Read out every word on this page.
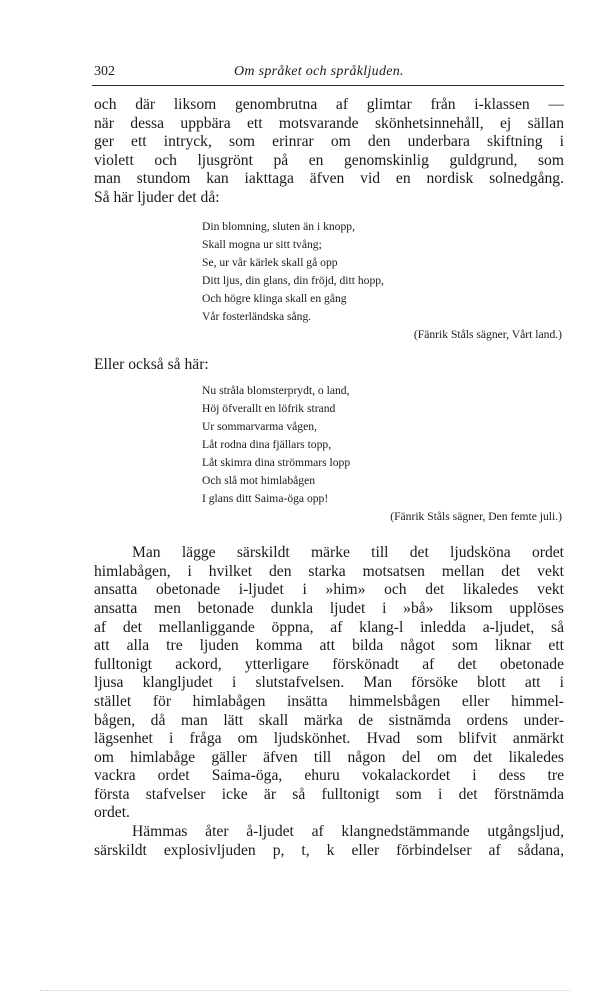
302	Om språket och språkljuden.
och där liksom genombrutna af glimtar från i-klassen —
när dessa uppbära ett motsvarande skönhetsinnehåll, ej sällan
ger ett intryck, som erinrar om den underbara skiftning i
violett och ljusgrönt på en genomskinlig guldgrund, som
man stundom kan iakttaga äfven vid en nordisk solnedgång.
Så här ljuder det då:
Din blomning, sluten än i knopp,
Skall mogna ur sitt tvång;
Se, ur vår kärlek skall gå opp
Ditt ljus, din glans, din fröjd, ditt hopp,
Och högre klinga skall en gång
Vår fosterländska sång.
(Fänrik Ståls sägner, Vårt land.)
Eller också så här:
Nu stråla blomsterprydt, o land,
Höj öfverallt en löfrik strand
Ur sommarvarma vågen,
Låt rodna dina fjällars topp,
Låt skimra dina strömmars lopp
Och slå mot himlabågen
I glans ditt Saima-öga opp!
(Fänrik Ståls sägner, Den femte juli.)
Man lägge särskildt märke till det ljudsköna ordet
himlabågen, i hvilket den starka motsatsen mellan det vekt
ansatta obetonade i-ljudet i »him» och det likaledes vekt
ansatta men betonade dunkla ljudet i »bå» liksom upplöses
af det mellanliggande öppna, af klang-l inledda a-ljudet, så
att alla tre ljuden komma att bilda något som liknar ett
fulltonigt ackord, ytterligare förskönadt af det obetonade
ljusa klangljudet i slutstafvelsen. Man försöke blott att i
stället för himlabågen insätta himmelsbågen eller himmel-
bågen, då man lätt skall märka de sistnämda ordens under-
lägsenhet i fråga om ljudskönhet. Hvad som blifvit anmärkt
om himlabåge gäller äfven till någon del om det likaledes
vackra ordet Saima-öga, ehuru vokalackordet i dess tre
första stafvelser icke är så fulltonigt som i det förstnämda
ordet.
Hämmas åter å-ljudet af klangnedstämmande utgångsljud,
särskildt explosivljuden p, t, k eller förbindelser af sådana,
